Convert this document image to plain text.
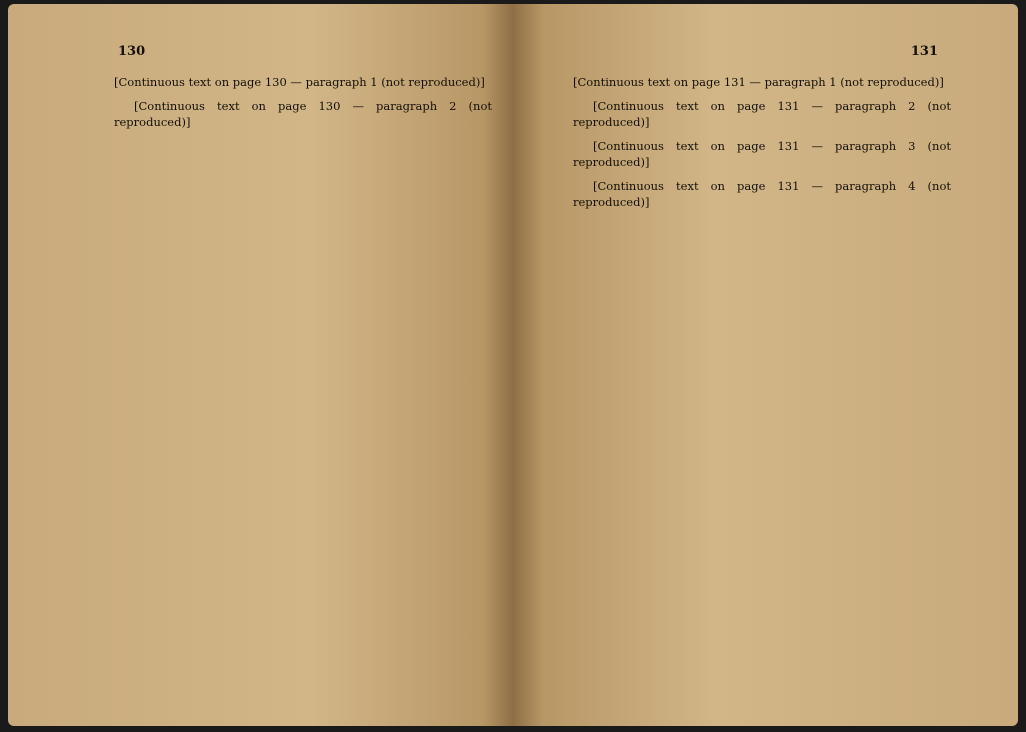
130

[Continuous text on page 130 — paragraph 1 (not reproduced)]

[Continuous text on page 130 — paragraph 2 (not reproduced)]

131

[Continuous text on page 131 — paragraph 1 (not reproduced)]

[Continuous text on page 131 — paragraph 2 (not reproduced)]

[Continuous text on page 131 — paragraph 3 (not reproduced)]

[Continuous text on page 131 — paragraph 4 (not reproduced)]
